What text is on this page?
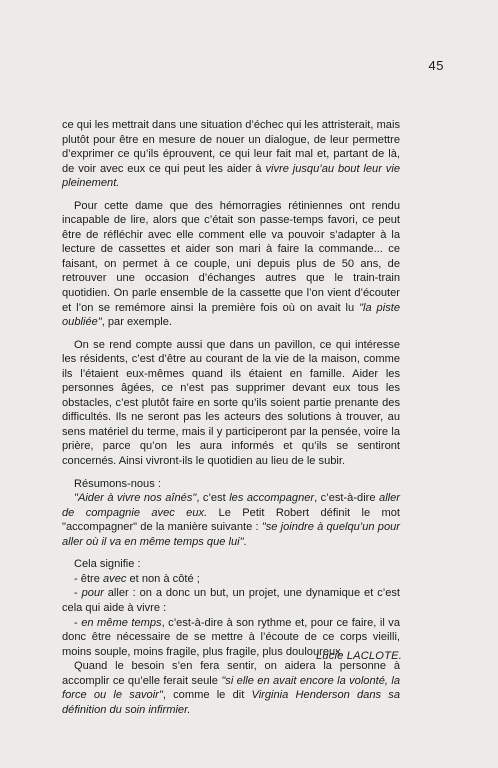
45

ce qui les mettrait dans une situation d’échec qui les attristerait, mais plutôt pour être en mesure de nouer un dialogue, de leur permettre d’exprimer ce qu’ils éprouvent, ce qui leur fait mal et, partant de là, de voir avec eux ce qui peut les aider à vivre jusqu’au bout leur vie pleinement.

Pour cette dame que des hémorragies rétiniennes ont rendu incapable de lire, alors que c’était son passe-temps favori, ce peut être de réfléchir avec elle comment elle va pouvoir s’adapter à la lecture de cassettes et aider son mari à faire la commande... ce faisant, on permet à ce couple, uni depuis plus de 50 ans, de retrouver une occasion d’échanges autres que le train-train quotidien. On parle ensemble de la cassette que l’on vient d’écouter et l’on se remémore ainsi la première fois où on avait lu "la piste oubliée", par exemple.

On se rend compte aussi que dans un pavillon, ce qui intéresse les résidents, c’est d’être au courant de la vie de la maison, comme ils l’étaient eux-mêmes quand ils étaient en famille. Aider les personnes âgées, ce n’est pas supprimer devant eux tous les obstacles, c’est plutôt faire en sorte qu’ils soient partie prenante des difficultés. Ils ne seront pas les acteurs des solutions à trouver, au sens matériel du terme, mais il y participeront par la pensée, voire la prière, parce qu’on les aura informés et qu’ils se sentiront concernés. Ainsi vivront-ils le quotidien au lieu de le subir.

Résumons-nous :

"Aider à vivre nos aînés", c’est les accompagner, c’est-à-dire aller de compagnie avec eux. Le Petit Robert définit le mot "accompagner" de la manière suivante : "se joindre à quelqu’un pour aller où il va en même temps que lui".

Cela signifie :

- être avec et non à côté ;

- pour aller : on a donc un but, un projet, une dynamique et c’est cela qui aide à vivre :

- en même temps, c’est-à-dire à son rythme et, pour ce faire, il va donc être nécessaire de se mettre à l’écoute de ce corps vieilli, moins souple, moins fragile, plus fragile, plus douloureux.

Quand le besoin s’en fera sentir, on aidera la personne à accomplir ce qu’elle ferait seule "si elle en avait encore la volonté, la force ou le savoir", comme le dit Virginia Henderson dans sa définition du soin infirmier.

Lucie LACLOTE.
